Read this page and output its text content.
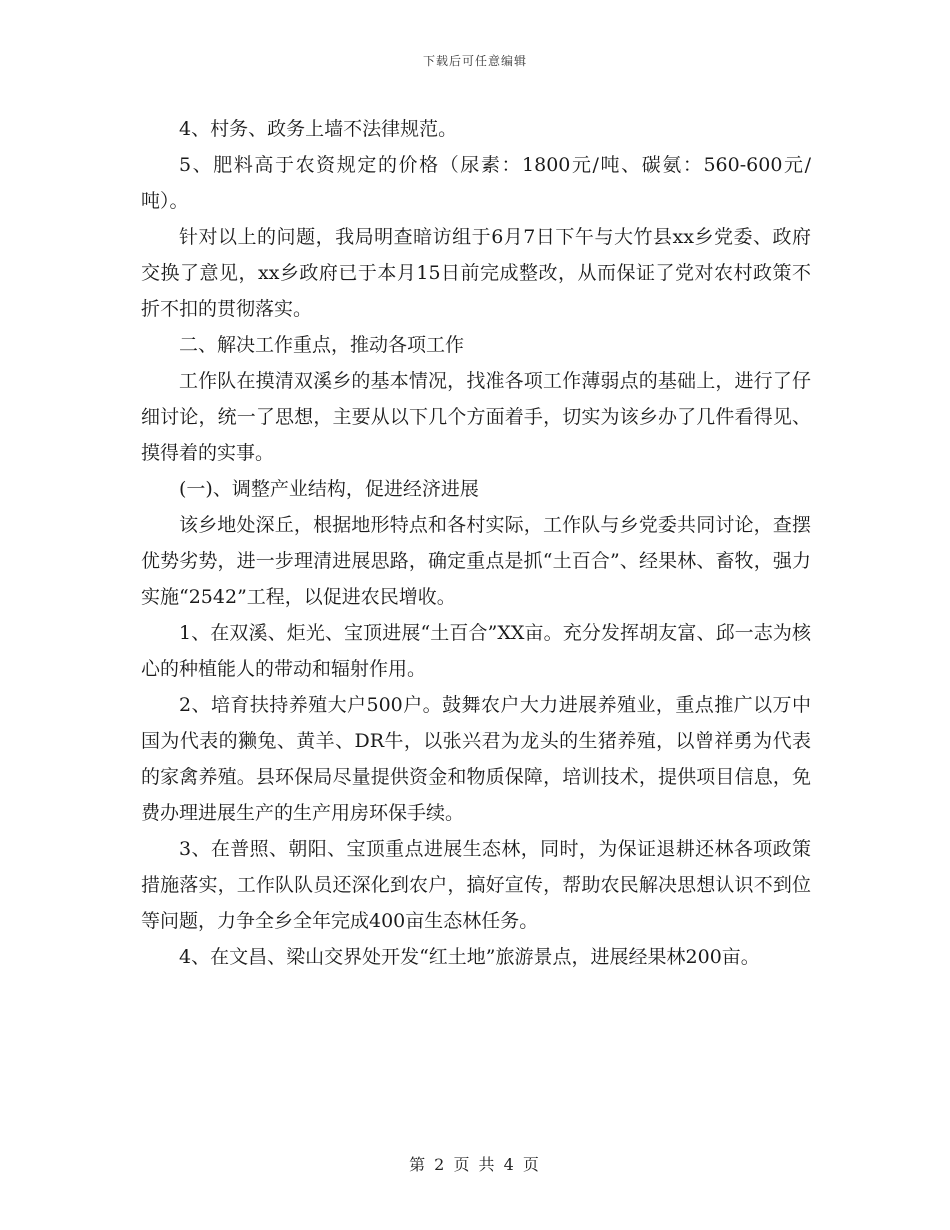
下载后可任意编辑

4、村务、政务上墙不法律规范。

5、肥料高于农资规定的价格（尿素：1800元/吨、碳氨：560-600元/吨）。

针对以上的问题，我局明查暗访组于6月7日下午与大竹县xx乡党委、政府交换了意见，xx乡政府已于本月15日前完成整改，从而保证了党对农村政策不折不扣的贯彻落实。

二、解决工作重点，推动各项工作

工作队在摸清双溪乡的基本情况，找准各项工作薄弱点的基础上，进行了仔细讨论，统一了思想，主要从以下几个方面着手，切实为该乡办了几件看得见、摸得着的实事。

(一)、调整产业结构，促进经济进展

该乡地处深丘，根据地形特点和各村实际，工作队与乡党委共同讨论，查摆优势劣势，进一步理清进展思路，确定重点是抓“土百合”、经果林、畜牧，强力实施“2542”工程，以促进农民增收。

1、在双溪、炬光、宝顶进展“土百合”XX亩。充分发挥胡友富、邱一志为核心的种植能人的带动和辐射作用。

2、培育扶持养殖大户500户。鼓舞农户大力进展养殖业，重点推广以万中国为代表的獭兔、黄羊、DR牛，以张兴君为龙头的生猪养殖，以曾祥勇为代表的家禽养殖。县环保局尽量提供资金和物质保障，培训技术，提供项目信息，免费办理进展生产的生产用房环保手续。

3、在普照、朝阳、宝顶重点进展生态林，同时，为保证退耕还林各项政策措施落实，工作队队员还深化到农户，搞好宣传，帮助农民解决思想认识不到位等问题，力争全乡全年完成400亩生态林任务。

4、在文昌、梁山交界处开发“红土地”旅游景点，进展经果林200亩。

第 2 页 共 4 页
